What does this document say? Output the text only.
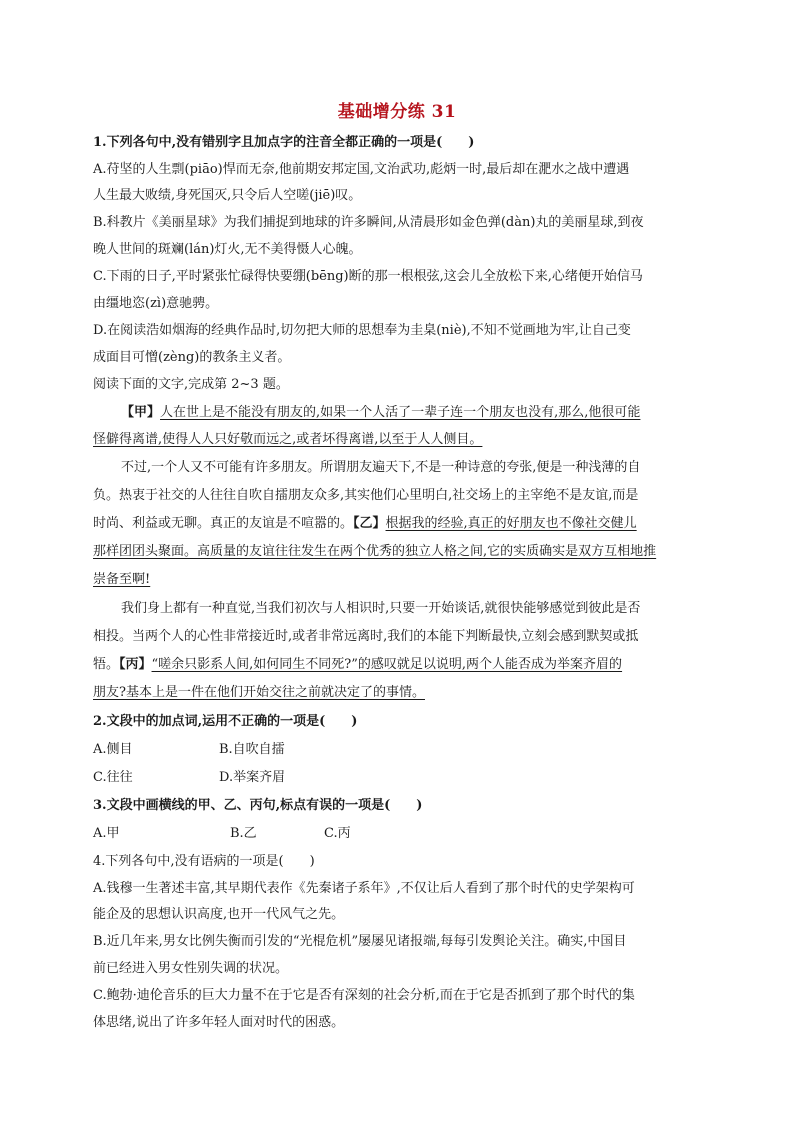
基础增分练 31
1.下列各句中,没有错别字且加点字的注音全都正确的一项是(　　)
A.苻坚的人生剽(piāo)悍而无奈,他前期安邦定国,文治武功,彪炳一时,最后却在淝水之战中遭遇
人生最大败绩,身死国灭,只令后人空嗟(jiē)叹。
B.科教片《美丽星球》为我们捕捉到地球的许多瞬间,从清晨形如金色弹(dàn)丸的美丽星球,到夜
晚人世间的斑斓(lán)灯火,无不美得慑人心魄。
C.下雨的日子,平时紧张忙碌得快要绷(bēng)断的那一根根弦,这会儿全放松下来,心绪便开始信马
由缰地恣(zì)意驰骋。
D.在阅读浩如烟海的经典作品时,切勿把大师的思想奉为圭臬(niè),不知不觉画地为牢,让自己变
成面目可憎(zèng)的教条主义者。
阅读下面的文字,完成第 2~3 题。
【甲】人在世上是不能没有朋友的,如果一个人活了一辈子连一个朋友也没有,那么,他很可能
怪僻得离谱,使得人人只好敬而远之,或者坏得离谱,以至于人人侧目。
不过,一个人又不可能有许多朋友。所谓朋友遍天下,不是一种诗意的夸张,便是一种浅薄的自
负。热衷于社交的人往往自吹自擂朋友众多,其实他们心里明白,社交场上的主宰绝不是友谊,而是
时尚、利益或无聊。真正的友谊是不喧嚣的。【乙】根据我的经验,真正的好朋友也不像社交健儿
那样团团头聚面。高质量的友谊往往发生在两个优秀的独立人格之间,它的实质确实是双方互相地推
崇备至啊!
我们身上都有一种直觉,当我们初次与人相识时,只要一开始谈话,就很快能够感觉到彼此是否
相投。当两个人的心性非常接近时,或者非常远离时,我们的本能下判断最快,立刻会感到默契或抵
牾。【丙】“嗟余只影系人间,如何同生不同死?”的感叹就足以说明,两个人能否成为举案齐眉的
朋友?基本上是一件在他们开始交往之前就决定了的事情。
2.文段中的加点词,运用不正确的一项是(　　)
A.侧目	B.自吹自擂
C.往往	D.举案齐眉
3.文段中画横线的甲、乙、丙句,标点有误的一项是(　　)
A.甲	B.乙	C.丙
4.下列各句中,没有语病的一项是(　　)
A.钱穆一生著述丰富,其早期代表作《先秦诸子系年》,不仅让后人看到了那个时代的史学架构可
能企及的思想认识高度,也开一代风气之先。
B.近几年来,男女比例失衡而引发的“光棍危机”屡屡见诸报端,每每引发舆论关注。确实,中国目
前已经进入男女性别失调的状况。
C.鲍勃·迪伦音乐的巨大力量不在于它是否有深刻的社会分析,而在于它是否抓到了那个时代的集
体思绪,说出了许多年轻人面对时代的困惑。
